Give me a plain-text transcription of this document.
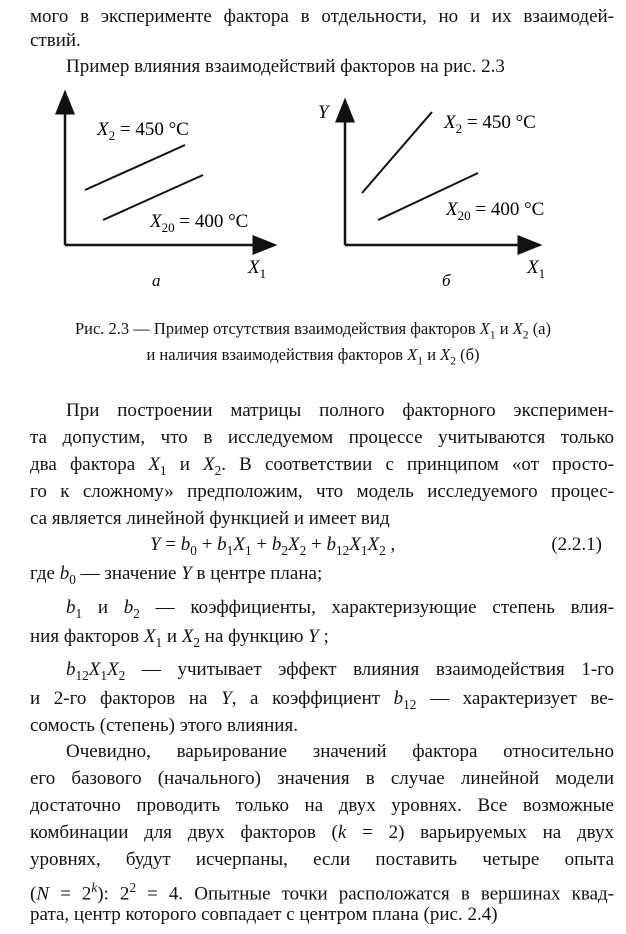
мого в эксперименте фактора в отдельности, но и их взаимодей-
ствий.
Пример влияния взаимодействий факторов на рис. 2.3
$X_2 = 450$ °C
$X_{20} = 400$ °C
$X_1$
а
Y	$X_2 = 450$ °C
$X_{20} = 400$ °C
$X_1$
б
Рис. 2.3 — Пример отсутствия взаимодействия факторов $X_1$ и $X_2$ (а)
и наличия взаимодействия факторов $X_1$ и $X_2$ (б)
При построении матрицы полного факторного эксперимен-
та допустим, что в исследуемом процессе учитываются только
два фактора $X_1$ и $X_2$. В соответствии с принципом «от просто-
го к сложному» предположим, что модель исследуемого процес-
са является линейной функцией и имеет вид
$Y = b_0 + b_1X_1 + b_2X_2 + b_{12}X_1X_2$ ,	(2.2.1)
где $b_0$ — значение Y в центре плана;
$b_1$ и $b_2$ — коэффициенты, характеризующие степень влия-
ния факторов $X_1$ и $X_2$ на функцию Y ;
$b_{12}X_1X_2$ — учитывает эффект влияния взаимодействия 1-го
и 2-го факторов на Y, а коэффициент $b_{12}$ — характеризует ве-
сомость (степень) этого влияния.
Очевидно, варьирование значений фактора относительно
его базового (начального) значения в случае линейной модели
достаточно проводить только на двух уровнях. Все возможные
комбинации для двух факторов (k = 2) варьируемых на двух
уровнях, будут исчерпаны, если поставить четыре опыта
$(N = 2^k)$: $2^2 = 4$. Опытные точки расположатся в вершинах квад-
рата, центр которого совпадает с центром плана (рис. 2.4)
